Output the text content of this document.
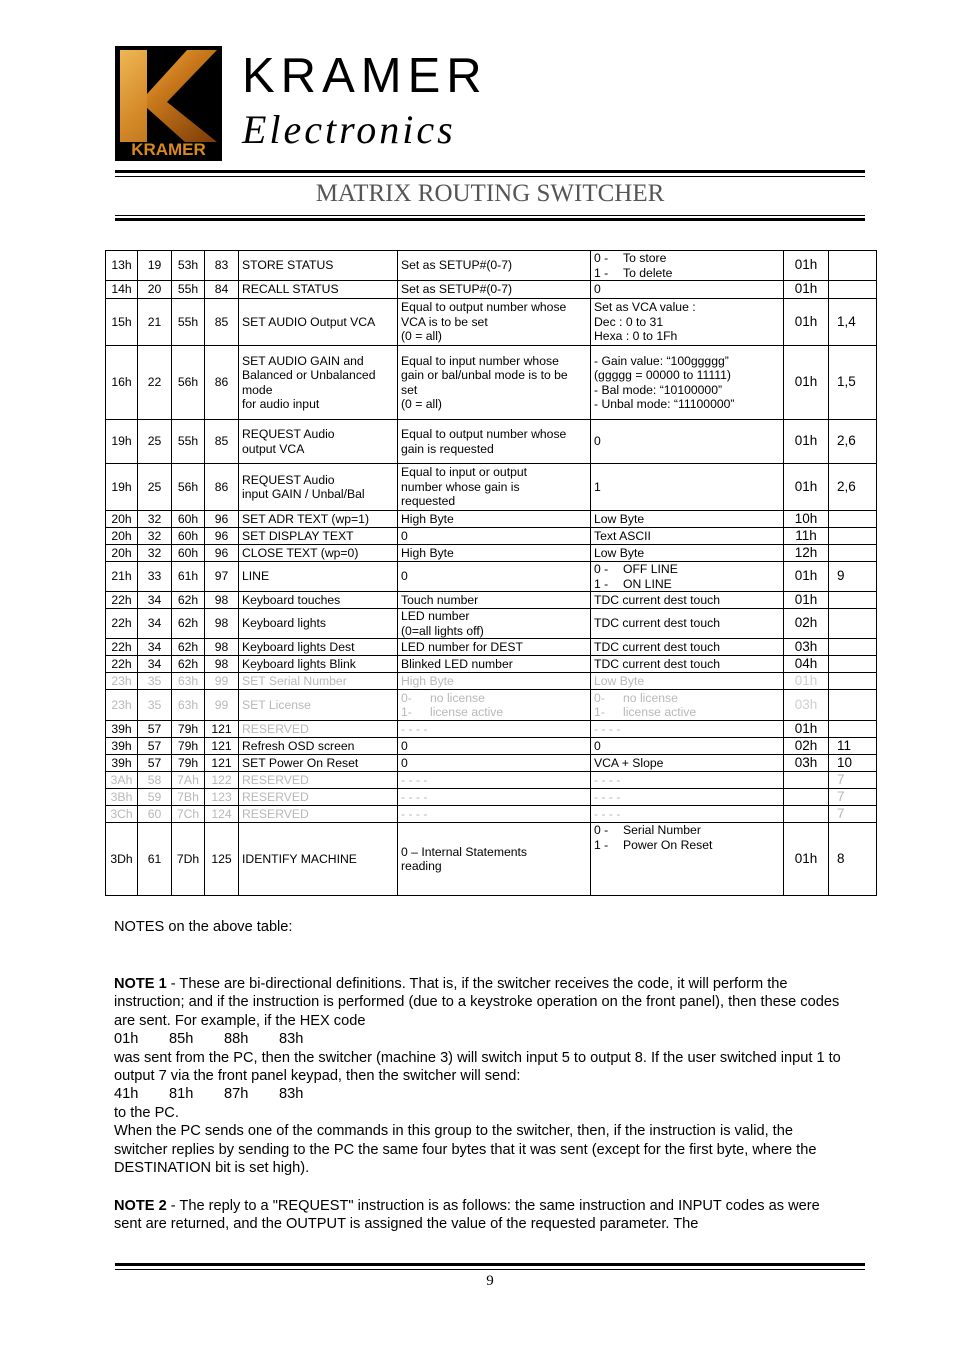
KRAMER
KRAMER
Electronics
MATRIX ROUTING SWITCHER
13h	19	53h	83	STORE STATUS	Set as SETUP#(0-7)	0 - To store
1 - To delete	01h	
14h	20	55h	84	RECALL STATUS	Set as SETUP#(0-7)	0	01h	
15h	21	55h	85	SET AUDIO Output VCA	Equal to output number whose
VCA is to be set
(0 = all)	Set as VCA value :
Dec : 0 to 31
Hexa : 0 to 1Fh	01h	1,4
16h	22	56h	86	SET AUDIO GAIN and
Balanced or Unbalanced
mode
for audio input	Equal to input number whose
gain or bal/unbal mode is to be
set
(0 = all)	- Gain value: “100ggggg”
(ggggg = 00000 to 11111)
- Bal mode: “10100000”
- Unbal mode: “11100000”	01h	1,5
19h	25	55h	85	REQUEST Audio
output VCA	Equal to output number whose
gain is requested	0	01h	2,6
19h	25	56h	86	REQUEST Audio
input GAIN / Unbal/Bal	Equal to input or output
number whose gain is
requested	1	01h	2,6
20h	32	60h	96	SET ADR TEXT (wp=1)	High Byte	Low Byte	10h	
20h	32	60h	96	SET DISPLAY TEXT	0	Text ASCII	11h	
20h	32	60h	96	CLOSE TEXT (wp=0)	High Byte	Low Byte	12h	
21h	33	61h	97	LINE	0	0 - OFF LINE
1 - ON LINE	01h	9
22h	34	62h	98	Keyboard touches	Touch number	TDC current dest touch	01h	
22h	34	62h	98	Keyboard lights	LED number
(0=all lights off)	TDC current dest touch	02h	
22h	34	62h	98	Keyboard lights Dest	LED number for DEST	TDC current dest touch	03h	
22h	34	62h	98	Keyboard lights Blink	Blinked LED number	TDC current dest touch	04h	
23h	35	63h	99	SET Serial Number	High Byte	Low Byte	01h	
23h	35	63h	99	SET License	0- no license
1- license active	0- no license
1- license active	03h	
39h	57	79h	121	RESERVED	- - - -	- - - -	01h	
39h	57	79h	121	Refresh OSD screen	0	0	02h	11
39h	57	79h	121	SET Power On Reset	0	VCA + Slope	03h	10
3Ah	58	7Ah	122	RESERVED	- - - -	- - - -		7
3Bh	59	7Bh	123	RESERVED	- - - -	- - - -		7
3Ch	60	7Ch	124	RESERVED	- - - -	- - - -		7
3Dh	61	7Dh	125	IDENTIFY MACHINE	0 – Internal Statements
reading	0 - Serial Number
1 - Power On Reset	01h	8

NOTES on the above table:

NOTE 1 - These are bi-directional definitions. That is, if the switcher receives the code, it will perform the instruction; and if the instruction is performed (due to a keystroke operation on the front panel), then these codes are sent. For example, if the HEX code

01h 85h 88h 83h

was sent from the PC, then the switcher (machine 3) will switch input 5 to output 8. If the user switched input 1 to output 7 via the front panel keypad, then the switcher will send:

41h 81h 87h 83h

to the PC.

When the PC sends one of the commands in this group to the switcher, then, if the instruction is valid, the switcher replies by sending to the PC the same four bytes that it was sent (except for the first byte, where the DESTINATION bit is set high).

NOTE 2 - The reply to a "REQUEST" instruction is as follows: the same instruction and INPUT codes as were sent are returned, and the OUTPUT is assigned the value of the requested parameter. The

9
